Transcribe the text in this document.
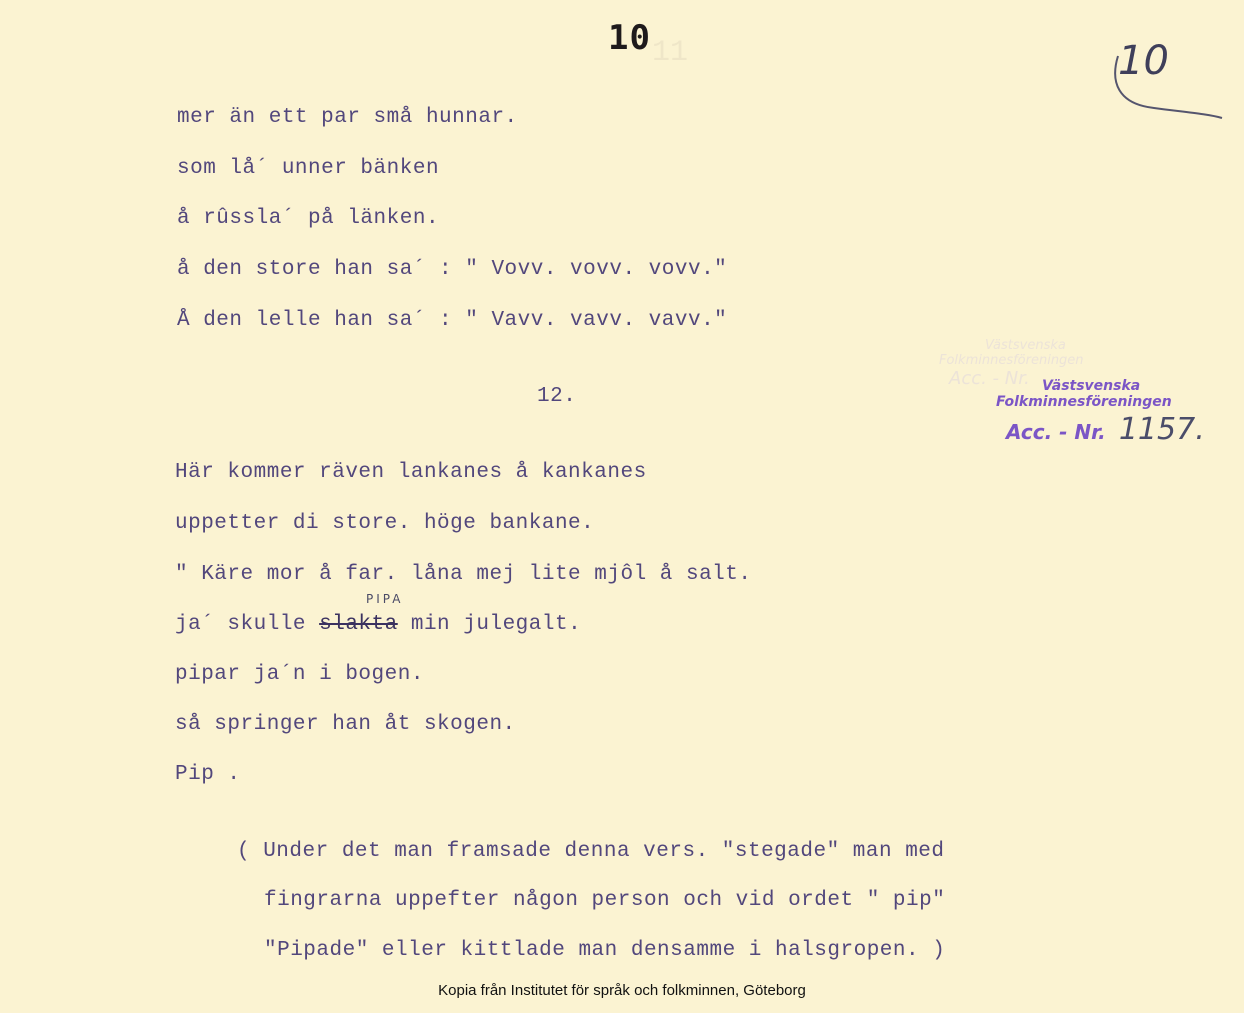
11
10	10
mer än ett par små hunnar.
som lå´ unner bänken
å rûssla´ på länken.
å den store han sa´ : " Vovv. vovv. vovv."
Å den lelle han sa´ : " Vavv. vavv. vavv."
12.
Västsvenska
Folkminnesföreningen
Acc. - Nr. Västsvenska
Folkminnesföreningen
Acc. - Nr. 1157.
Här kommer räven lankanes å kankanes
uppetter di store. höge bankane.
" Käre mor å far. låna mej lite mjôl å salt.
PIPA
ja´ skulle slakta min julegalt.
pipar ja´n i bogen.
så springer han åt skogen.
Pip .
( Under det man framsade denna vers. "stegade" man med
fingrarna uppefter någon person och vid ordet " pip"
"Pipade" eller kittlade man densamme i halsgropen. )
Kopia från Institutet för språk och folkminnen, Göteborg
